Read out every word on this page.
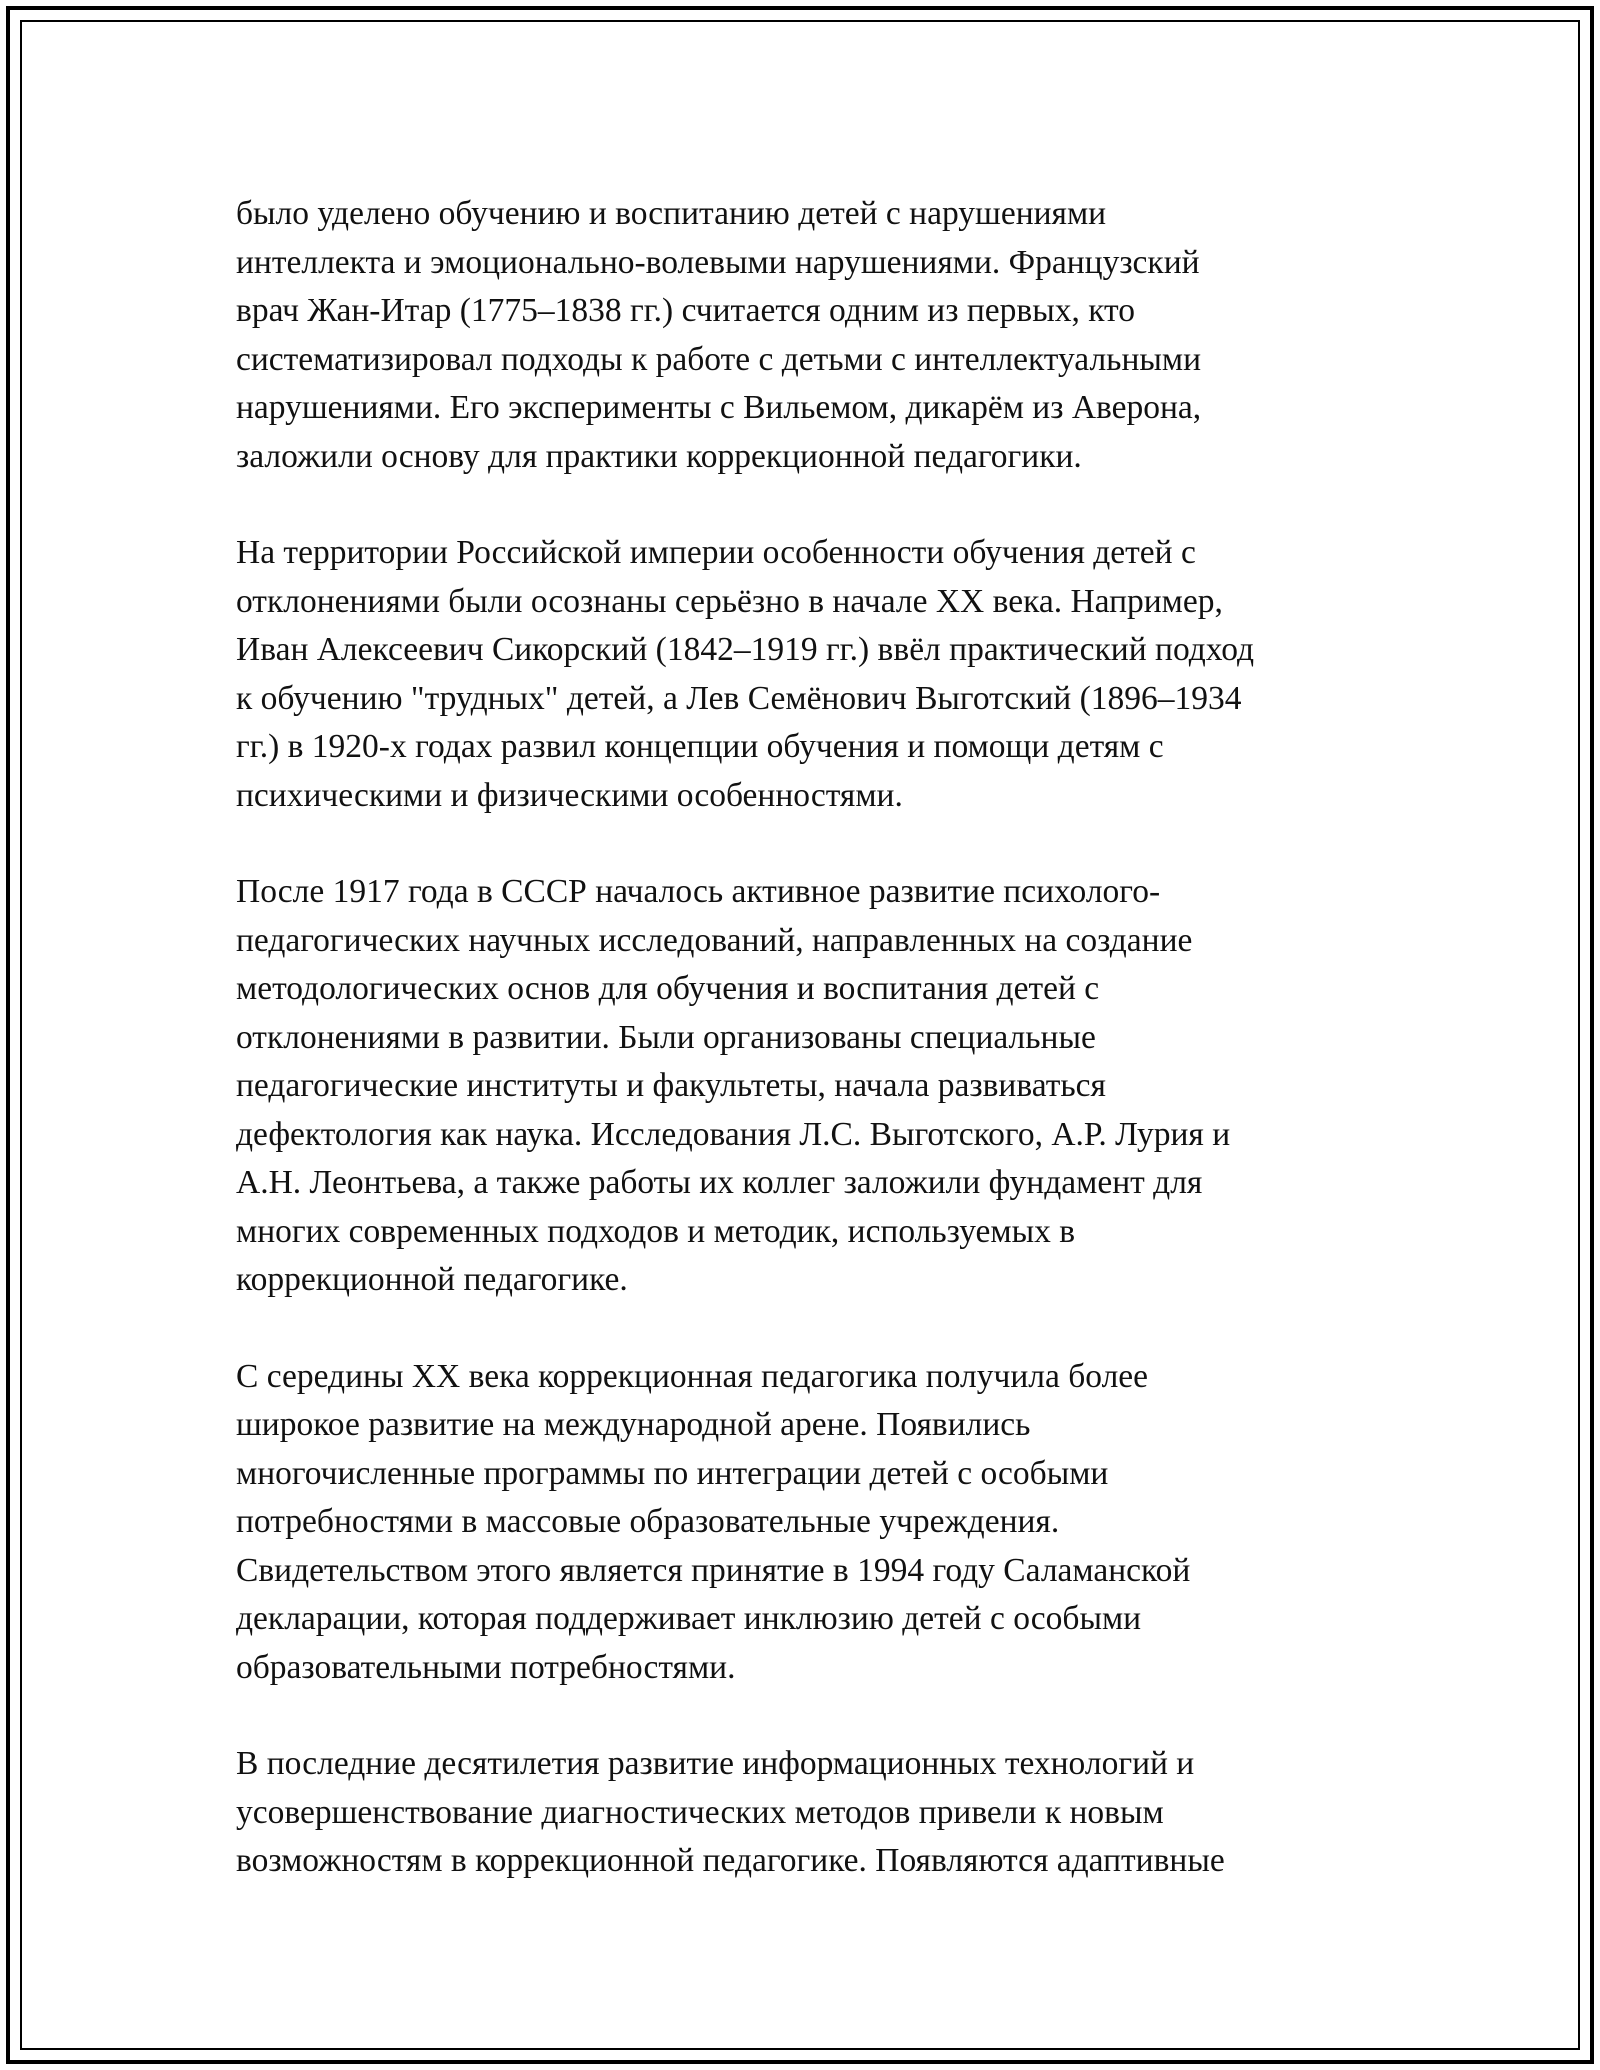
было уделено обучению и воспитанию детей с нарушениями
интеллекта и эмоционально-волевыми нарушениями. Французский
врач Жан-Итар (1775–1838 гг.) считается одним из первых, кто
систематизировал подходы к работе с детьми с интеллектуальными
нарушениями. Его эксперименты с Вильемом, дикарём из Аверона,
заложили основу для практики коррекционной педагогики.

На территории Российской империи особенности обучения детей с
отклонениями были осознаны серьёзно в начале XX века. Например,
Иван Алексеевич Сикорский (1842–1919 гг.) ввёл практический подход
к обучению "трудных" детей, а Лев Семёнович Выготский (1896–1934
гг.) в 1920-х годах развил концепции обучения и помощи детям с
психическими и физическими особенностями.

После 1917 года в СССР началось активное развитие психолого-
педагогических научных исследований, направленных на создание
методологических основ для обучения и воспитания детей с
отклонениями в развитии. Были организованы специальные
педагогические институты и факультеты, начала развиваться
дефектология как наука. Исследования Л.С. Выготского, А.Р. Лурия и
А.Н. Леонтьева, а также работы их коллег заложили фундамент для
многих современных подходов и методик, используемых в
коррекционной педагогике.

С середины XX века коррекционная педагогика получила более
широкое развитие на международной арене. Появились
многочисленные программы по интеграции детей с особыми
потребностями в массовые образовательные учреждения.
Свидетельством этого является принятие в 1994 году Саламанской
декларации, которая поддерживает инклюзию детей с особыми
образовательными потребностями.

В последние десятилетия развитие информационных технологий и
усовершенствование диагностических методов привели к новым
возможностям в коррекционной педагогике. Появляются адаптивные
